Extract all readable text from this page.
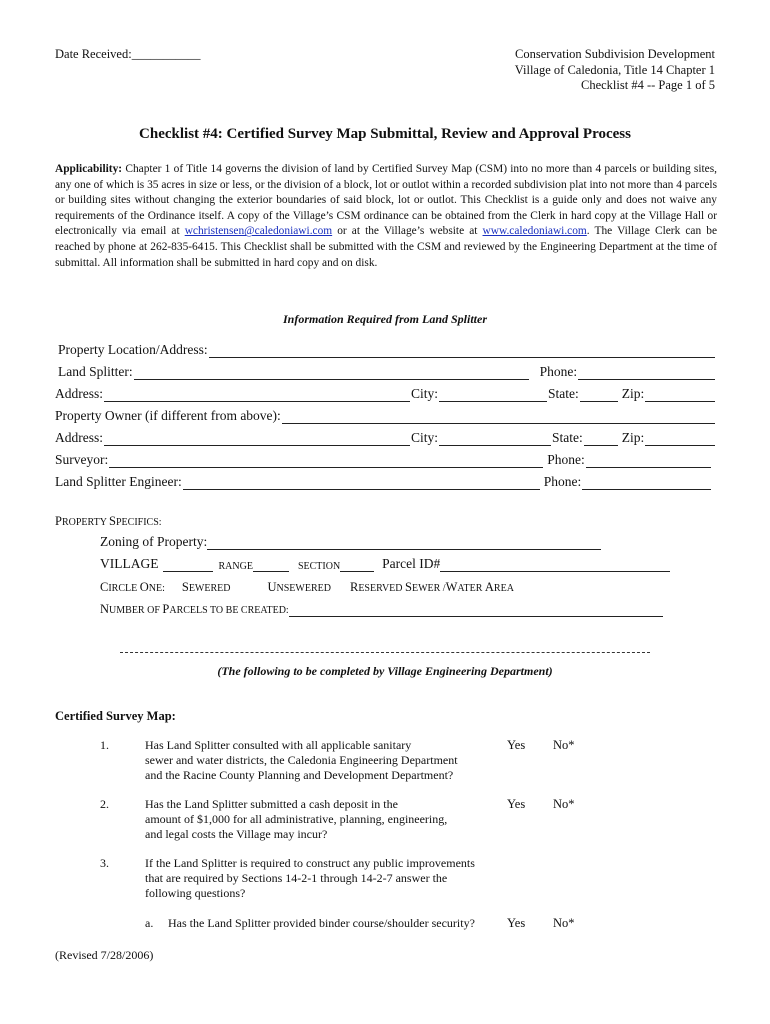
Date Received:___________	Conservation Subdivision Development
Village of Caledonia, Title 14 Chapter 1
Checklist #4 -- Page 1 of 5
Checklist #4: Certified Survey Map Submittal, Review and Approval Process
Applicability: Chapter 1 of Title 14 governs the division of land by Certified Survey Map (CSM) into no more than 4 parcels or building sites, any one of which is 35 acres in size or less, or the division of a block, lot or outlot within a recorded subdivision plat into not more than 4 parcels or building sites without changing the exterior boundaries of said block, lot or outlot. This Checklist is a guide only and does not waive any requirements of the Ordinance itself. A copy of the Village’s CSM ordinance can be obtained from the Clerk in hard copy at the Village Hall or electronically via email at wchristensen@caledoniawi.com or at the Village’s website at www.caledoniawi.com. The Village Clerk can be reached by phone at 262-835-6415. This Checklist shall be submitted with the CSM and reviewed by the Engineering Department at the time of submittal. All information shall be submitted in hard copy and on disk.
Information Required from Land Splitter
Property Location/Address:
Land Splitter:	Phone:
Address:	City:	State:	Zip:
Property Owner (if different from above):
Address:	City:	State:	Zip:
Surveyor:	Phone:
Land Splitter Engineer:	Phone:
PROPERTY SPECIFICS:
Zoning of Property:
VILLAGE	RANGE	SECTION	Parcel ID#
CIRCLE ONE: SEWERED	UNSEWERED RESERVED SEWER /WATER AREA
NUMBER OF PARCELS TO BE CREATED:
(The following to be completed by Village Engineering Department)
Certified Survey Map:
1.	Has Land Splitter consulted with all applicable sanitary
sewer and water districts, the Caledonia Engineering Department
and the Racine County Planning and Development Department?
Yes No*
2.	Has the Land Splitter submitted a cash deposit in the
amount of $1,000 for all administrative, planning, engineering,
and legal costs the Village may incur?
Yes No*
3.	If the Land Splitter is required to construct any public improvements
that are required by Sections 14-2-1 through 14-2-7 answer the
following questions?
a. Has the Land Splitter provided binder course/shoulder security?	Yes No*
(Revised 7/28/2006)
